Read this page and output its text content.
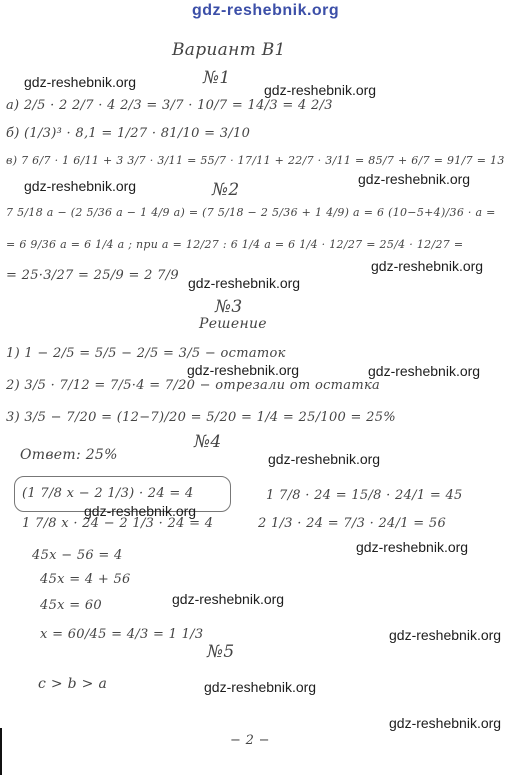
gdz-reshebnik.org
Вариант В1
№1
а) 2/5 · 2 2/7 · 4 2/3 = 3/7 · 10/7 = 14/3 = 4 2/3
б) (1/3)³ · 8,1 = 1/27 · 81/10 = 3/10
в) 7 6/7 · 1 6/11 + 3 3/7 · 3/11 = 55/7 · 17/11 + 22/7 · 3/11 = 85/7 + 6/7 = 91/7 = 13
№2
7 5/18 a − (2 5/36 a − 1 4/9 a) = (7 5/18 − 2 5/36 + 1 4/9) a = 6 (10−5+4)/36 · a =
= 6 9/36 a = 6 1/4 a ; при a = 12/27 : 6 1/4 a = 6 1/4 · 12/27 = 25/4 · 12/27 =
= 25·3/27 = 25/9 = 2 7/9
№3
Решение
1) 1 − 2/5 = 5/5 − 2/5 = 3/5 − остаток
2) 3/5 · 7/12 = 7/5·4 = 7/20 − отрезали от остатка
3) 3/5 − 7/20 = (12−7)/20 = 5/20 = 1/4 = 25/100 = 25%
Ответ: 25%
№4
(1 7/8 x − 2 1/3) · 24 = 4
1 7/8 x · 24 − 2 1/3 · 24 = 4
1 7/8 · 24 = 15/8 · 24/1 = 45
2 1/3 · 24 = 7/3 · 24/1 = 56
45x − 56 = 4
45x = 4 + 56
45x = 60
x = 60/45 = 4/3 = 1 1/3
№5
c > b > a
− 2 −
gdz-reshebnik.org	gdz-reshebnik.org
gdz-reshebnik.org	gdz-reshebnik.org
gdz-reshebnik.org
gdz-reshebnik.org
gdz-reshebnik.org	gdz-reshebnik.org
gdz-reshebnik.org
gdz-reshebnik.org
gdz-reshebnik.org
gdz-reshebnik.org
gdz-reshebnik.org
gdz-reshebnik.org
gdz-reshebnik.org
